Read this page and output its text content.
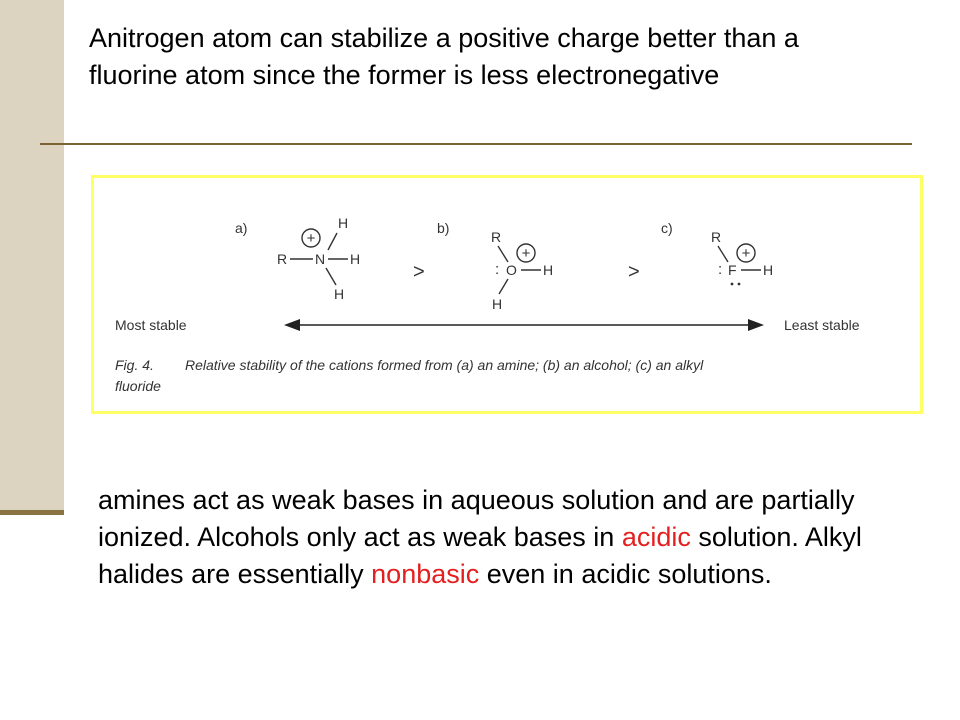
Anitrogen atom can stabilize a positive charge better than a fluorine atom since the former is less electronegative
a)
+
H
R N H
H
>
b)
R
+
: O H
H
>
c)
R
+
: F H
Most stable	Least stable
Fig. 4. Relative stability of the cations formed from (a) an amine; (b) an alcohol; (c) an alkyl
fluoride

amines act as weak bases in aqueous solution and are partially ionized. Alcohols only act as weak bases in acidic solution. Alkyl halides are essentially nonbasic even in acidic solutions.
